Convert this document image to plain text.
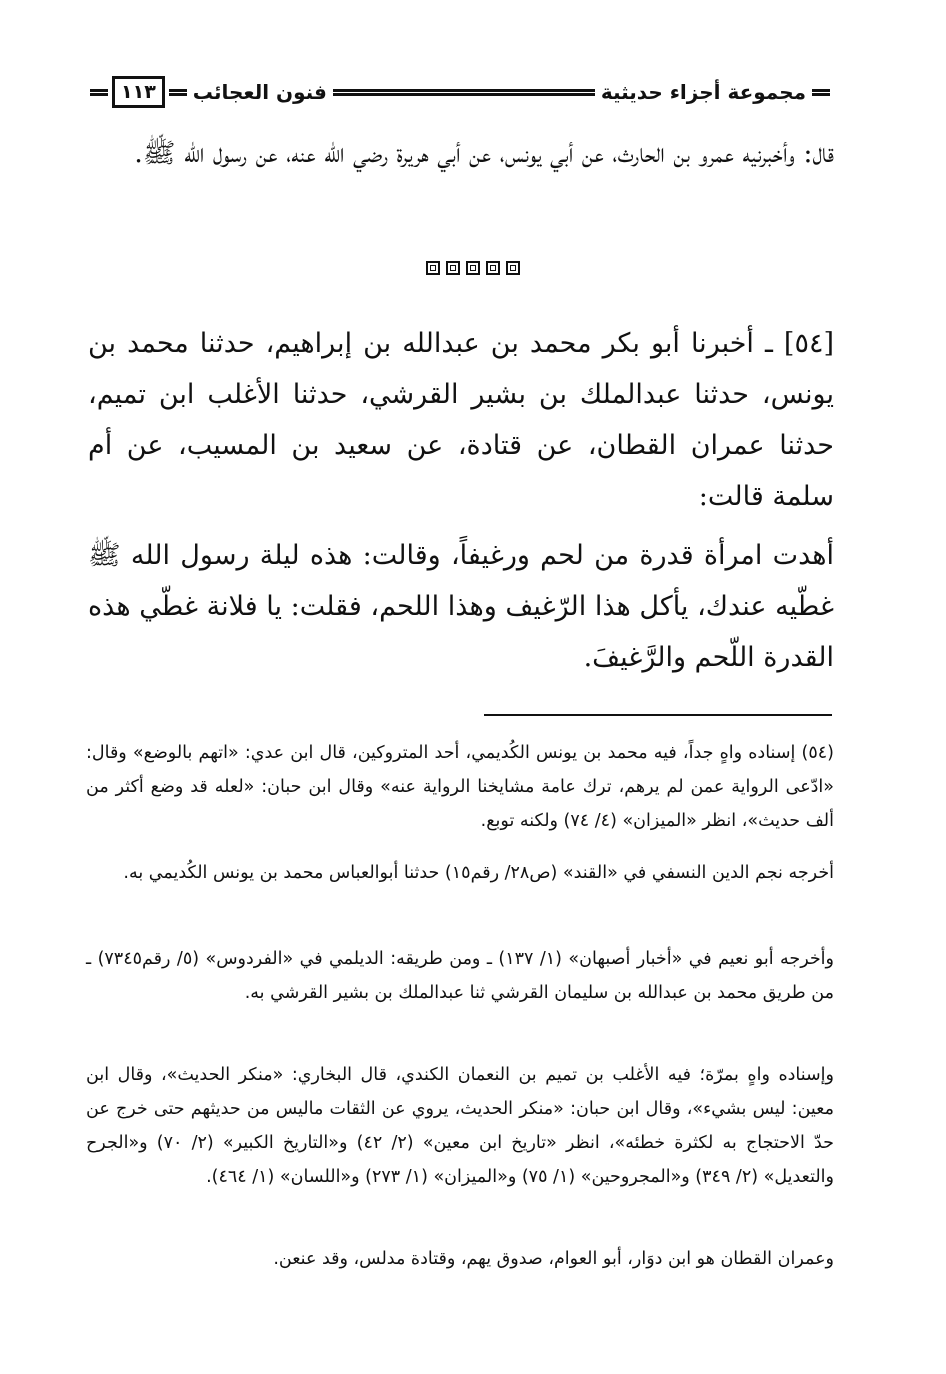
مجموعة أجزاء حديثية
فنون العجائب
١١٣
قال: وأخبرنيه عمرو بن الحارث، عن أبي يونس، عن أبي هريرة رضي الله عنه، عن رسول الله ﷺ.
[٥٤] ـ أخبرنا أبو بكر محمد بن عبدالله بن إبراهيم، حدثنا محمد بن يونس، حدثنا عبدالملك بن بشير القرشي، حدثنا الأغلب ابن تميم، حدثنا عمران القطان، عن قتادة، عن سعيد بن المسيب، عن أم سلمة قالت:
أهدت امرأة قدرة من لحم ورغيفاً، وقالت: هذه ليلة رسول الله ﷺ غطّيه عندك، يأكل هذا الرّغيف وهذا اللحم، فقلت: يا فلانة غطّي هذه القدرة اللّحم والرَّغيفَ.
(٥٤) إسناده واهٍ جداً، فيه محمد بن يونس الكُديمي، أحد المتروكين، قال ابن عدي: «اتهم بالوضع» وقال: «ادّعى الرواية عمن لم يرهم، ترك عامة مشايخنا الرواية عنه» وقال ابن حبان: «لعله قد وضع أكثر من ألف حديث»، انظر «الميزان» (٤/ ٧٤) ولكنه توبع.
أخرجه نجم الدين النسفي في «القند» (ص٢٨/ رقم١٥) حدثنا أبوالعباس محمد بن يونس الكُديمي به.
وأخرجه أبو نعيم في «أخبار أصبهان» (١/ ١٣٧) ـ ومن طريقه: الديلمي في «الفردوس» (٥/ رقم٧٣٤٥) ـ من طريق محمد بن عبدالله بن سليمان القرشي ثنا عبدالملك بن بشير القرشي به.
وإسناده واهٍ بمرّة؛ فيه الأغلب بن تميم بن النعمان الكندي، قال البخاري: «منكر الحديث»، وقال ابن معين: ليس بشيء»، وقال ابن حبان: «منكر الحديث، يروي عن الثقات ماليس من حديثهم حتى خرج عن حدّ الاحتجاج به لكثرة خطئه»، انظر «تاريخ ابن معين» (٢/ ٤٢) و«التاريخ الكبير» (٢/ ٧٠) و«الجرح والتعديل» (٢/ ٣٤٩) و«المجروحين» (١/ ٧٥) و«الميزان» (١/ ٢٧٣) و«اللسان» (١/ ٤٦٤).
وعمران القطان هو ابن دوَار، أبو العوام، صدوق يهم، وقتادة مدلس، وقد عنعن.
